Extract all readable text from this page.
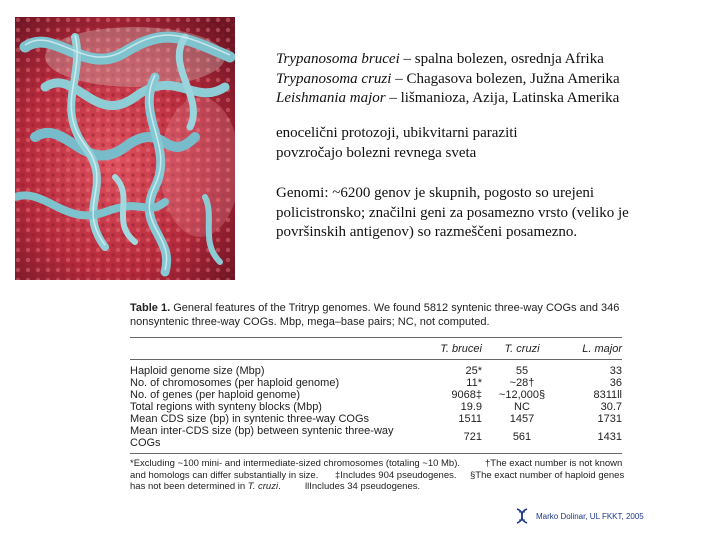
Trypanosoma brucei – spalna bolezen, osrednja Afrika
Trypanosoma cruzi – Chagasova bolezen, Južna Amerika
Leishmania major – lišmanioza, Azija, Latinska Amerika
enocelični protozoji, ubikvitarni paraziti
povzročajo bolezni revnega sveta
Genomi: ~6200 genov je skupnih, pogosto so urejeni policistronsko; značilni geni za posamezno vrsto (veliko je površinskih antigenov) so razmeščeni posamezno.

Table 1. General features of the Tritryp genomes. We found 5812 syntenic three-way COGs and 346 nonsyntenic three-way COGs. Mbp, mega–base pairs; NC, not computed.

	T. brucei	T. cruzi	L. major
Haploid genome size (Mbp)	25*	55	33
No. of chromosomes (per haploid genome)	11*	~28†	36
No. of genes (per haploid genome)	9068‡	~12,000§	8311ll
Total regions with synteny blocks (Mbp)	19.9	NC	30.7
Mean CDS size (bp) in syntenic three-way COGs	1511	1457	1731
Mean inter-CDS size (bp) between syntenic three-way COGs	721	561	1431
*Excluding ~100 mini- and intermediate-sized chromosomes (totaling ~10 Mb).	†The exact number is not known
and homologs can differ substantially in size. ‡Includes 904 pseudogenes. §The exact number of haploid genes
has not been determined in T. cruzi.	llIncludes 34 pseudogenes.
Marko Dolinar, UL FKKT, 2005
